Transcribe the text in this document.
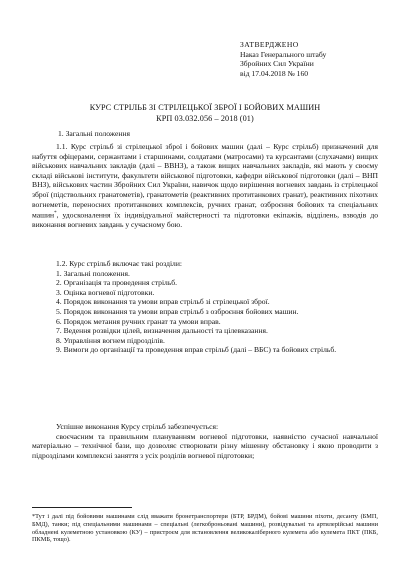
ЗАТВЕРДЖЕНО
Наказ Генерального штабу
Збройних Сил України
від 17.04.2018 № 160
КУРС СТРІЛЬБ ЗІ СТРІЛЕЦЬКОЇ ЗБРОЇ І БОЙОВИХ МАШИН
КРП 03.032.056 – 2018 (01)
1. Загальні положення

1.1. Курс стрільб зі стрілецької зброї і бойових машин (далі – Курс стрільб) призначений для набуття офіцерами, сержантами і старшинами, солдатами (матросами) та курсантами (слухачами) вищих військових навчальних закладів (далі – ВВНЗ), а також вищих навчальних закладів, які мають у своєму складі військові інститути, факультети військової підготовки, кафедри військової підготовки (далі – ВНП ВНЗ), військових частин Збройних Сил України, навичок щодо вирішення вогневих завдань із стрілецької зброї (підствольних гранатометів), гранатометів (реактивних протитанкових гранат), реактивних піхотних вогнеметів, переносних протитанкових комплексів, ручних гранат, озброєння бойових та спеціальних машин*, удосконалення їх індивідуальної майстерності та підготовки екіпажів, відділень, взводів до виконання вогневих завдань у сучасному бою.

1.2. Курс стрільб включає такі розділи:

1. Загальні положення.

2. Організація та проведення стрільб.

3. Оцінка вогневої підготовки.

4. Порядок виконання та умови вправ стрільб зі стрілецької зброї.

5. Порядок виконання та умови вправ стрільб з озброєння бойових машин.

6. Порядок метання ручних гранат та умови вправ.

7. Ведення розвідки цілей, визначення дальності та цілевказання.

8. Управління вогнем підрозділів.

9. Вимоги до організації та проведення вправ стрільб (далі – ВБС) та бойових стрільб.

Успішне виконання Курсу стрільб забезпечується:

своєчасним та правильним плануванням вогневої підготовки, наявністю сучасної навчальної матеріально – технічної бази, що дозволяє створювати різну мішенну обстановку і якою проводити з підрозділами комплексні заняття з усіх розділів вогневої підготовки;

*Тут і далі під бойовими машинами слід вважати бронетранспортери (БТР, БРДМ), бойові машини піхоти, десанту (БМП, БМД), танки; під спеціальними машинами – спеціальні (легкоброньовані машини), розвідувальні та артилерійські машини обладнені кулеметною установкою (КУ) – пристроєм для встановлення великокаліберного кулемета або кулемета ПКТ (ПКБ, ПКМБ, тощо).
